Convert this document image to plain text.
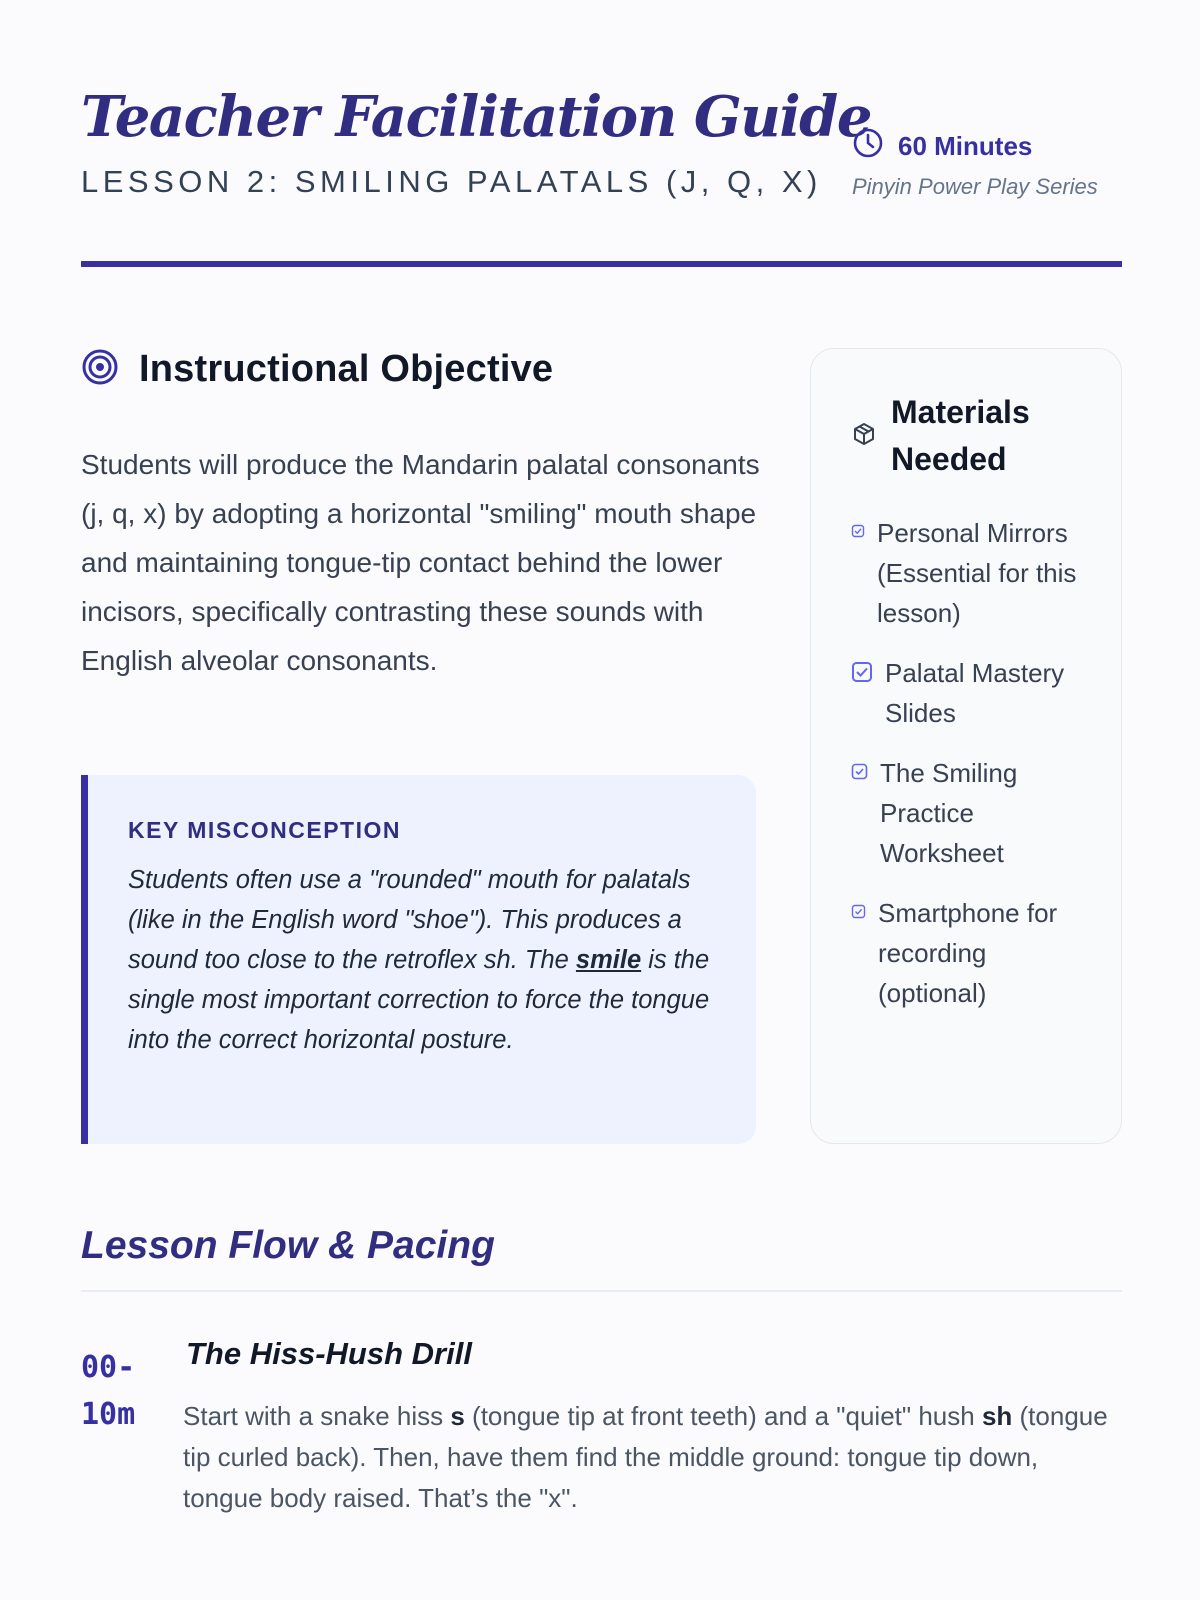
Teacher Facilitation Guide
LESSON 2: SMILING PALATALS (J, Q, X)
60 Minutes
Pinyin Power Play Series
Instructional Objective

Students will produce the Mandarin palatal consonants (j, q, x) by adopting a horizontal "smiling" mouth shape and maintaining tongue-tip contact behind the lower incisors, specifically contrasting these sounds with English alveolar consonants.

KEY MISCONCEPTION
Students often use a "rounded" mouth for palatals (like in the English word "shoe"). This produces a sound too close to the retroflex sh. The smile is the single most important correction to force the tongue into the correct horizontal posture.
Materials Needed
Personal Mirrors (Essential for this lesson)
Palatal Mastery Slides
The Smiling Practice Worksheet
Smartphone for recording (optional)
Lesson Flow & Pacing
00-10m
The Hiss-Hush Drill

Start with a snake hiss s (tongue tip at front teeth) and a "quiet" hush sh (tongue tip curled back). Then, have them find the middle ground: tongue tip down, tongue body raised. That’s the "x".
